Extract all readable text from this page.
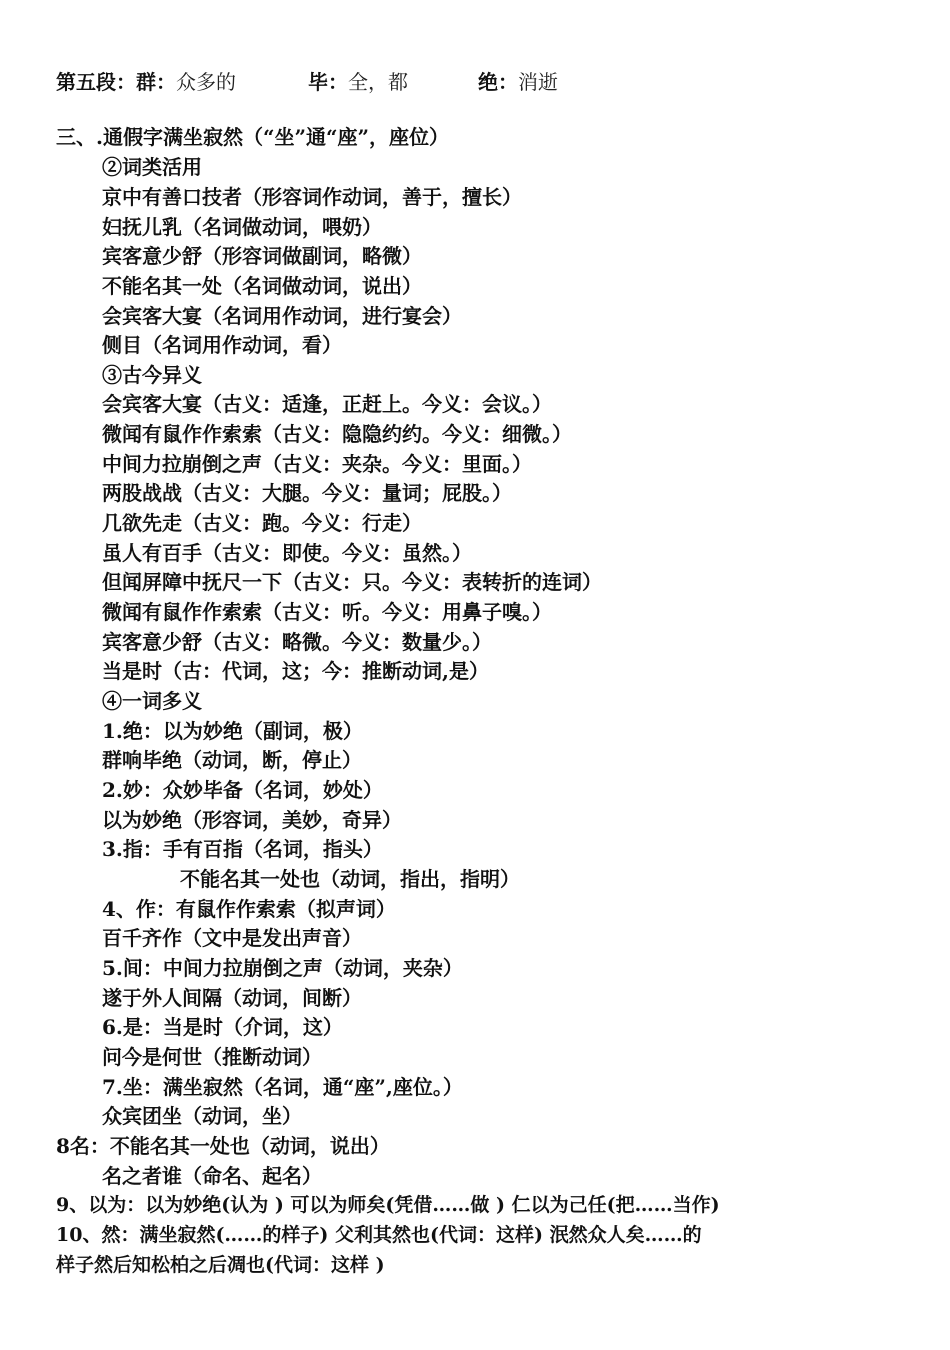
第五段：群：众多的	毕：全，都	绝：消逝
三、.通假字满坐寂然（“坐”通“座”，座位）
②词类活用
京中有善口技者（形容词作动词，善于，擅长）
妇抚儿乳（名词做动词，喂奶）
宾客意少舒（形容词做副词，略微）
不能名其一处（名词做动词，说出）
会宾客大宴（名词用作动词，进行宴会）
侧目（名词用作动词，看）
③古今异义
会宾客大宴（古义：适逢，正赶上。今义：会议。）
微闻有鼠作作索索（古义：隐隐约约。今义：细微。）
中间力拉崩倒之声（古义：夹杂。今义：里面。）
两股战战（古义：大腿。今义：量词；屁股。）
几欲先走（古义：跑。今义：行走）
虽人有百手（古义：即使。今义：虽然。）
但闻屏障中抚尺一下（古义：只。今义：表转折的连词）
微闻有鼠作作索索（古义：听。今义：用鼻子嗅。）
宾客意少舒（古义：略微。今义：数量少。）
当是时（古：代词，这；今：推断动词,是）
④一词多义
1.绝：以为妙绝（副词，极）
群响毕绝（动词，断，停止）
2.妙：众妙毕备（名词，妙处）
以为妙绝（形容词，美妙，奇异）
3.指：手有百指（名词，指头）
不能名其一处也（动词，指出，指明）
4、作：有鼠作作索索（拟声词）
百千齐作（文中是发出声音）
5.间：中间力拉崩倒之声（动词，夹杂）
遂于外人间隔（动词，间断）
6.是：当是时（介词，这）
问今是何世（推断动词）
7.坐：满坐寂然（名词，通“座”,座位。）
众宾团坐（动词，坐）
8名：不能名其一处也（动词，说出）
名之者谁（命名、起名）
9、以为：以为妙绝(认为 ) 可以为师矣(凭借……做 ) 仁以为己任(把……当作)
10、然：满坐寂然(……的样子) 父利其然也(代词：这样) 泯然众人矣……的
样子然后知松柏之后凋也(代词：这样 )
